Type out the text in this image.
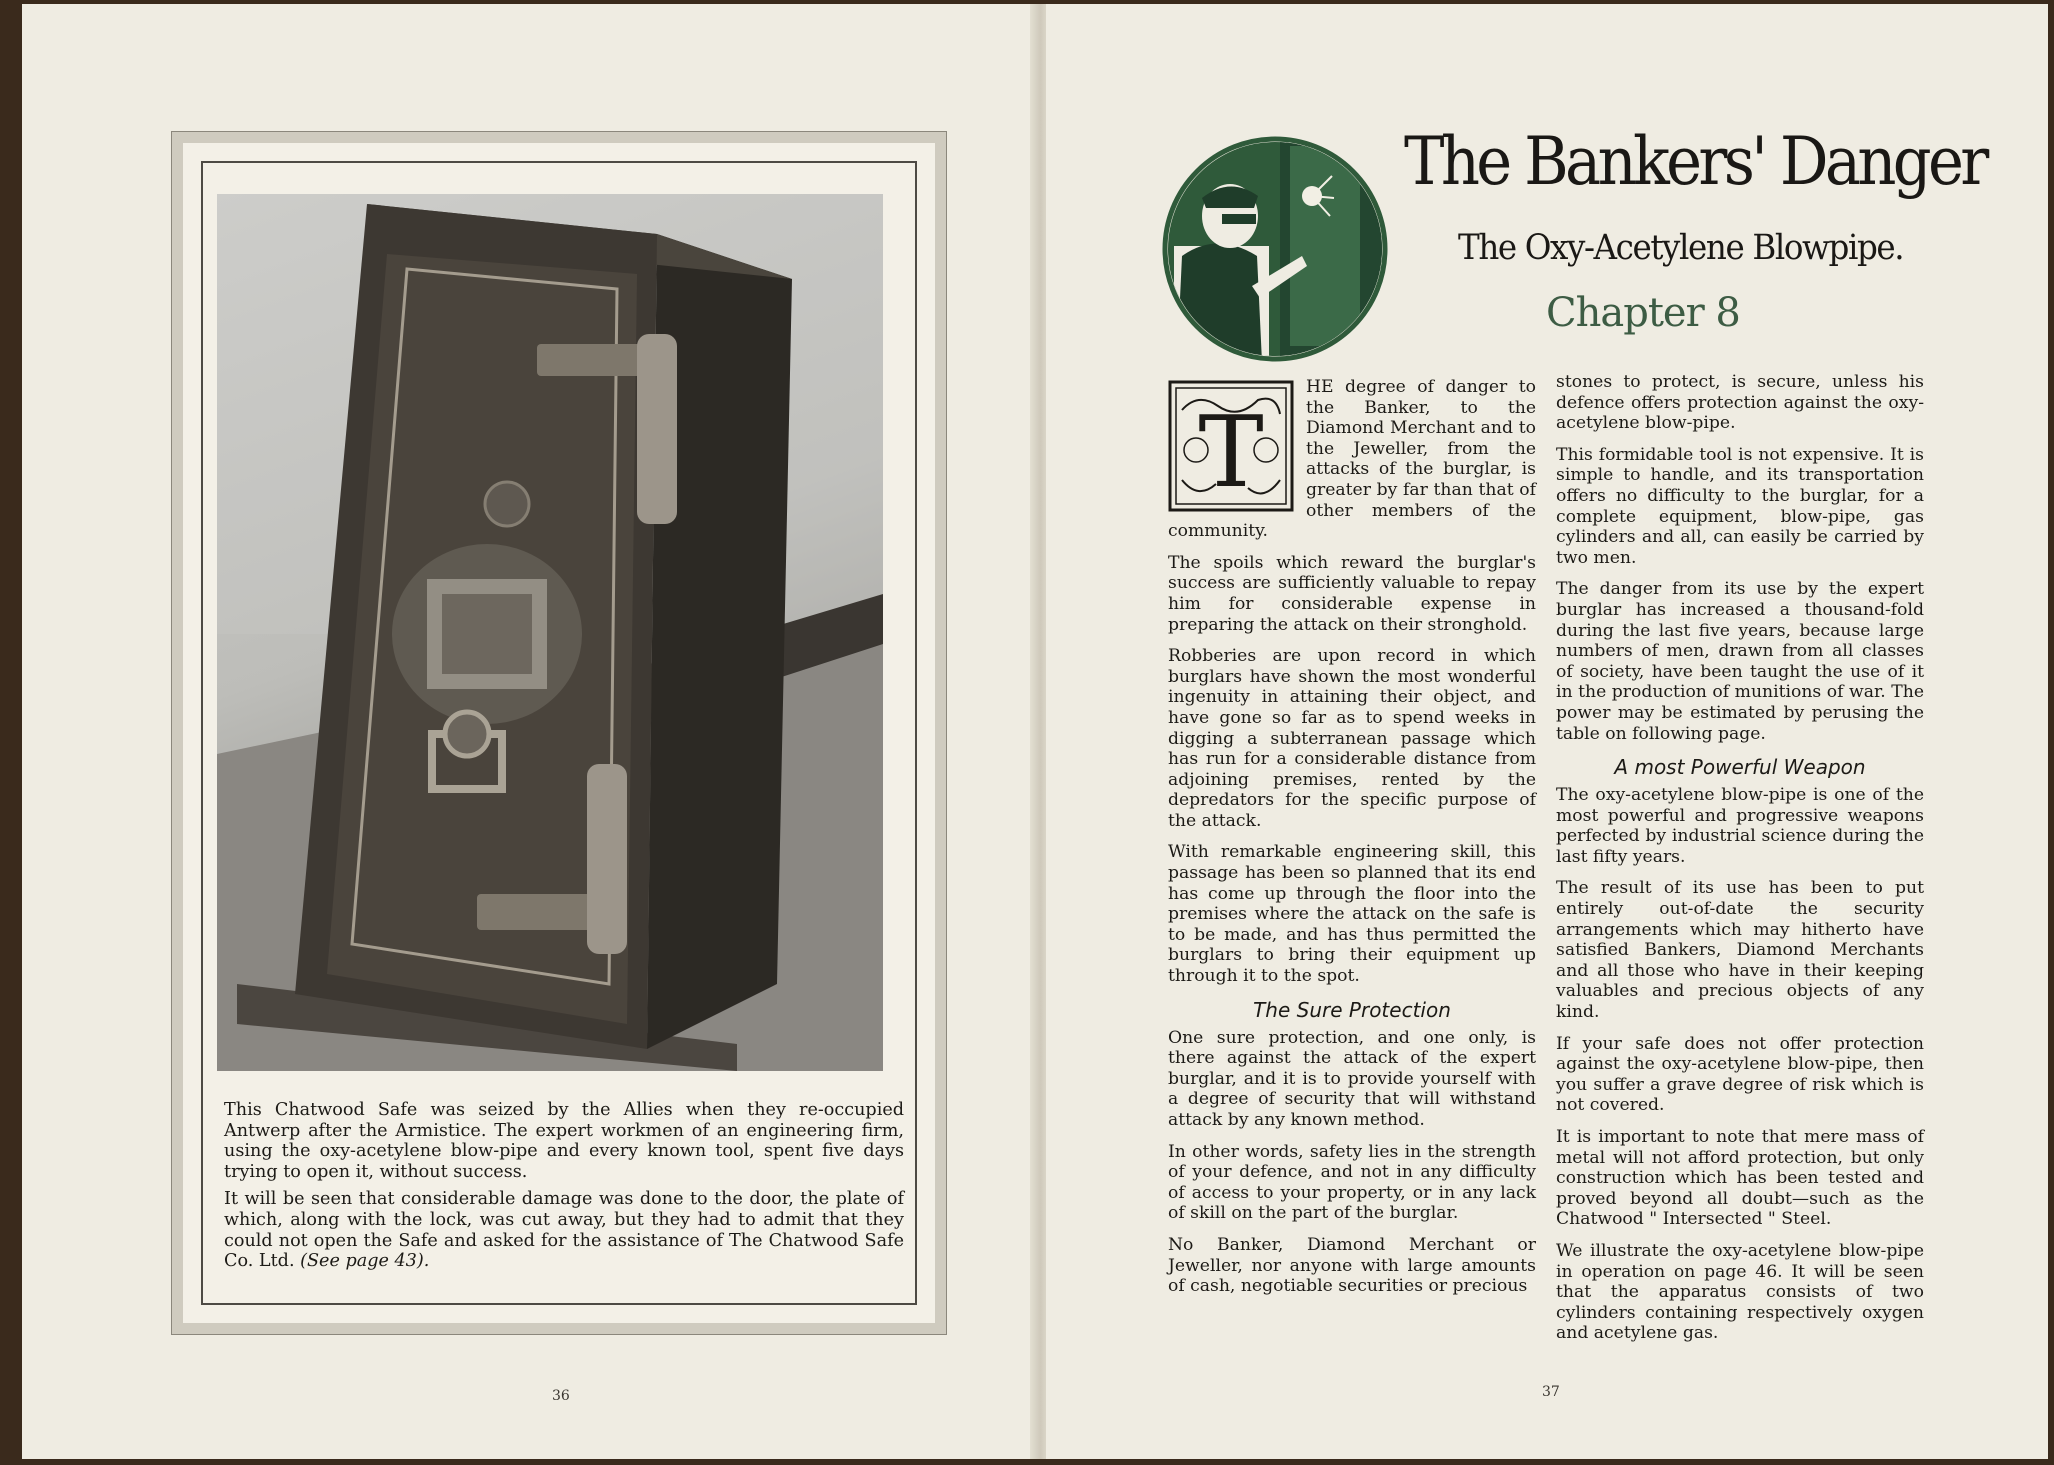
This Chatwood Safe was seized by the Allies when they re-occupied Antwerp after the Armistice. The expert workmen of an engineering firm, using the oxy-acetylene blow-pipe and every known tool, spent five days trying to open it, without success.

It will be seen that considerable damage was done to the door, the plate of which, along with the lock, was cut away, but they had to admit that they could not open the Safe and asked for the assistance of The Chatwood Safe Co. Ltd. (See page 43).

36
The Bankers' Danger
The Oxy-Acetylene Blowpipe.
Chapter 8

T
HE degree of danger to the Banker, to the Diamond Merchant and to the Jeweller, from the attacks of the burglar, is greater by far than that of other members of the community.

The spoils which reward the burglar's success are sufficiently valuable to repay him for considerable expense in preparing the attack on their stronghold.

Robberies are upon record in which burglars have shown the most wonderful ingenuity in attaining their object, and have gone so far as to spend weeks in digging a subterranean passage which has run for a considerable distance from adjoining premises, rented by the depredators for the specific purpose of the attack.

With remarkable engineering skill, this passage has been so planned that its end has come up through the floor into the premises where the attack on the safe is to be made, and has thus permitted the burglars to bring their equipment up through it to the spot.

The Sure Protection

One sure protection, and one only, is there against the attack of the expert burglar, and it is to provide yourself with a degree of security that will withstand attack by any known method.

In other words, safety lies in the strength of your defence, and not in any difficulty of access to your property, or in any lack of skill on the part of the burglar.

No Banker, Diamond Merchant or Jeweller, nor anyone with large amounts of cash, negotiable securities or precious

stones to protect, is secure, unless his defence offers protection against the oxy-acetylene blow-pipe.

This formidable tool is not expensive. It is simple to handle, and its transportation offers no difficulty to the burglar, for a complete equipment, blow-pipe, gas cylinders and all, can easily be carried by two men.

The danger from its use by the expert burglar has increased a thousand-fold during the last five years, because large numbers of men, drawn from all classes of society, have been taught the use of it in the production of munitions of war. The power may be estimated by perusing the table on following page.

A most Powerful Weapon

The oxy-acetylene blow-pipe is one of the most powerful and progressive weapons perfected by industrial science during the last fifty years.

The result of its use has been to put entirely out-of-date the security arrangements which may hitherto have satisfied Bankers, Diamond Merchants and all those who have in their keeping valuables and precious objects of any kind.

If your safe does not offer protection against the oxy-acetylene blow-pipe, then you suffer a grave degree of risk which is not covered.

It is important to note that mere mass of metal will not afford protection, but only construction which has been tested and proved beyond all doubt—such as the Chatwood " Intersected " Steel.

We illustrate the oxy-acetylene blow-pipe in operation on page 46. It will be seen that the apparatus consists of two cylinders containing respectively oxygen and acetylene gas.

37
